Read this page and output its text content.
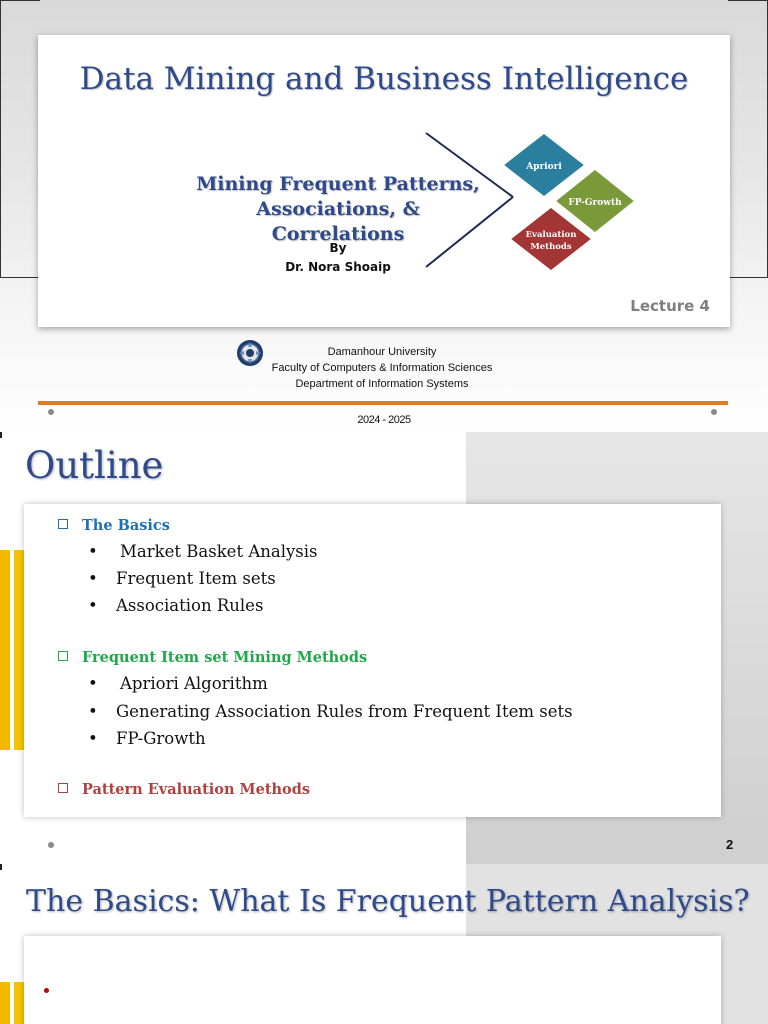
Data Mining and Business Intelligence
Mining Frequent Patterns,
Associations, & Correlations
By
Dr. Nora Shoaip
Apriori
FP-Growth
Evaluation
Methods
Lecture 4
Damanhour University
Faculty of Computers & Information Sciences
Department of Information Systems
2024 - 2025
Outline
The Basics
• Market Basket Analysis
• Frequent Item sets
• Association Rules
Frequent Item set Mining Methods
• Apriori Algorithm
• Generating Association Rules from Frequent Item sets
• FP-Growth
Pattern Evaluation Methods
2
The Basics: What Is Frequent Pattern Analysis?
